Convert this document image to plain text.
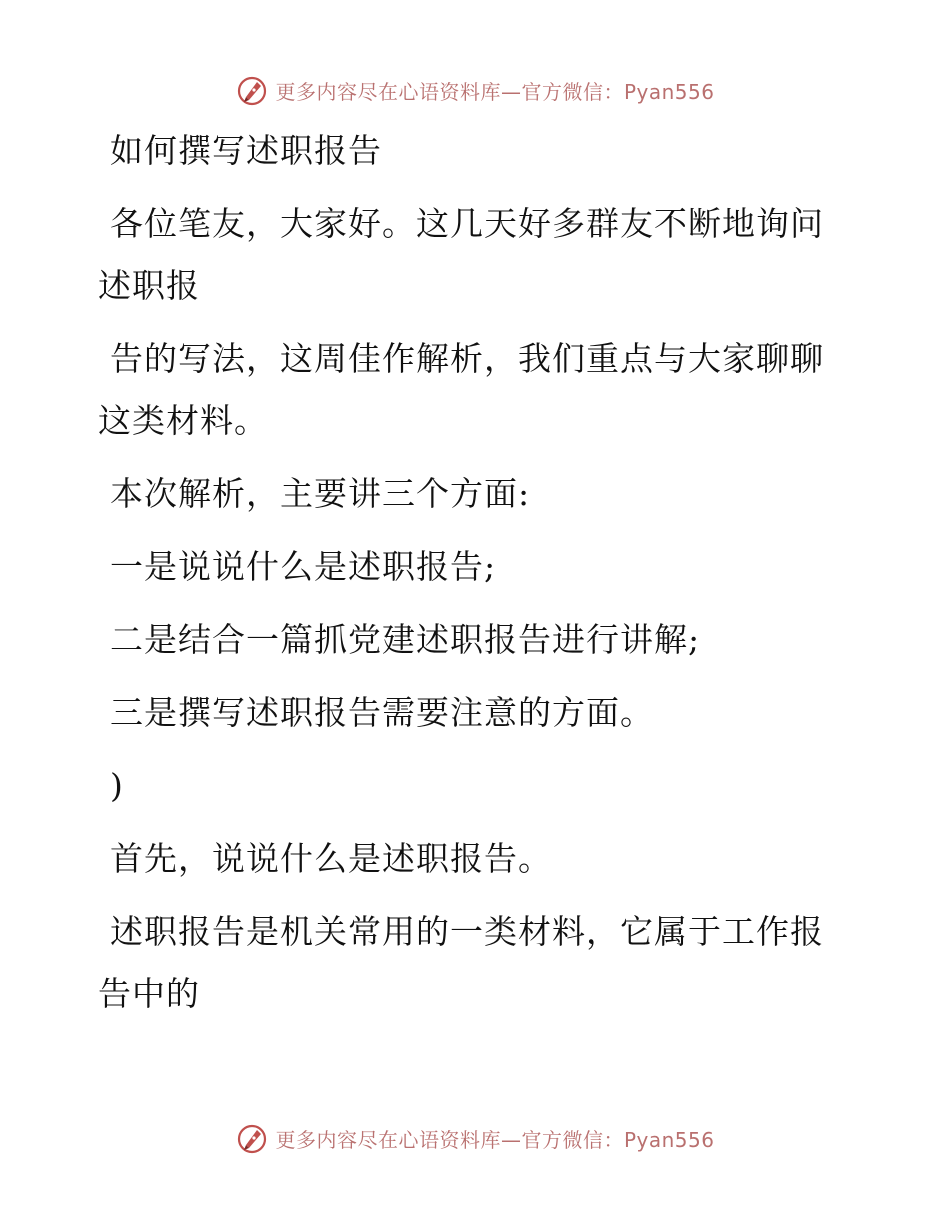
更多内容尽在心语资料库—官方微信：Pyan556

如何撰写述职报告

各位笔友，大家好。这几天好多群友不断地询问述职报

告的写法，这周佳作解析，我们重点与大家聊聊这类材料。

本次解析，主要讲三个方面:

一是说说什么是述职报告;

二是结合一篇抓党建述职报告进行讲解;

三是撰写述职报告需要注意的方面。

)

首先，说说什么是述职报告。

述职报告是机关常用的一类材料，它属于工作报告中的

更多内容尽在心语资料库—官方微信：Pyan556
